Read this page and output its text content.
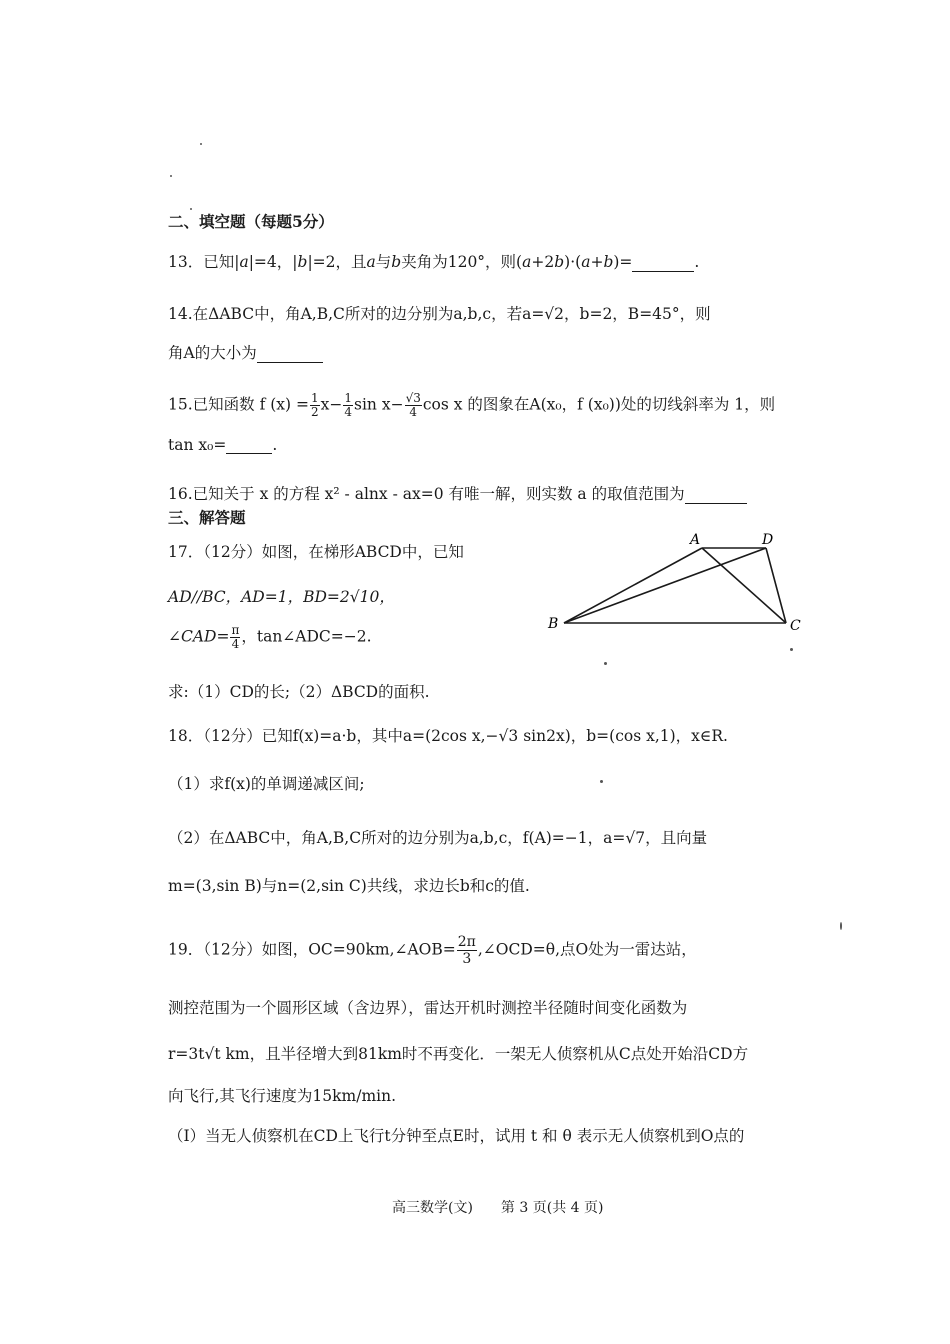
二、填空题（每题5分）
13．已知|a|=4，|b|=2，且a与b夹角为120°，则(a+2b)·(a+b)=	.
14.在ΔABC中，角A,B,C所对的边分别为a,b,c，若a=√2，b=2，B=45°，则
角A的大小为
15.已知函数 f $(x) = \frac{1}{2} x- \frac{1}{4}$ $\sin x- \frac{√3}{4}$ cos x 的图象在A(x₀，f (x₀))处的切线斜率为 1，则
tan x₀=	.
16.已知关于 x 的方程 x² - alnx - ax=0 有唯一解，则实数 a 的取值范围为
三、解答题
17．（12分）如图，在梯形ABCD中，已知
AD//BC，AD=1，BD=2√10，
∠CAD= $\frac{\pi}{4}$ ，tan∠ADC=−2.
求:（1）CD的长;（2）ΔBCD的面积.
A	D
B	C
18．（12分）已知f(x)=a·b，其中a=(2cos x,−√3 sin2x)，b=(cos x,1)，x∈R.
（1）求f(x)的单调递减区间;
（2）在ΔABC中，角A,B,C所对的边分别为a,b,c，f(A)=−1，a=√7，且向量
m=(3,sin B)与n=(2,sin C)共线，求边长b和c的值.
19．（12分）如图，OC=90km,∠AOB= $\frac{2\pi}{3}$ ,∠OCD=θ,点O处为一雷达站，
测控范围为一个圆形区域（含边界），雷达开机时测控半径随时间变化函数为
r=3t√t km，且半径增大到81km时不再变化．一架无人侦察机从C点处开始沿CD方
向飞行,其飞行速度为15km/min.
（I）当无人侦察机在CD上飞行t分钟至点E时，试用 t 和 θ 表示无人侦察机到O点的
高三数学(文)　　第 3 页(共 4 页)
